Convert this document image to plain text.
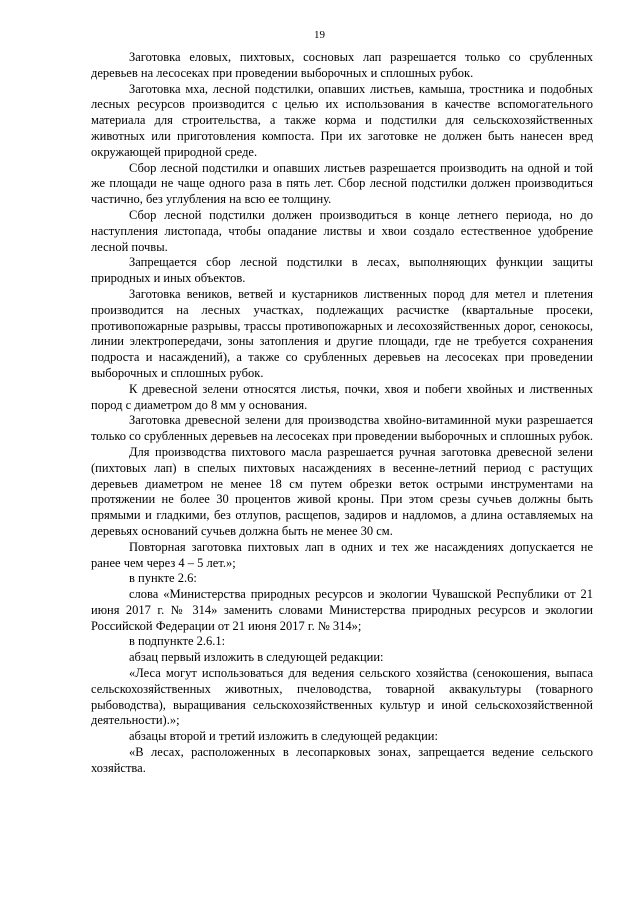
19

Заготовка еловых, пихтовых, сосновых лап разрешается только со срубленных деревьев на лесосеках при проведении выборочных и сплошных рубок.

Заготовка мха, лесной подстилки, опавших листьев, камыша, тростника и подобных лесных ресурсов производится с целью их использования в качестве вспомогательного материала для строительства, а также корма и подстилки для сельскохозяйственных животных или приготовления компоста. При их заготовке не должен быть нанесен вред окружающей природной среде.

Сбор лесной подстилки и опавших листьев разрешается производить на одной и той же площади не чаще одного раза в пять лет. Сбор лесной подстилки должен производиться частично, без углубления на всю ее толщину.

Сбор лесной подстилки должен производиться в конце летнего периода, но до наступления листопада, чтобы опадание листвы и хвои создало естественное удобрение лесной почвы.

Запрещается сбор лесной подстилки в лесах, выполняющих функции защиты природных и иных объектов.

Заготовка веников, ветвей и кустарников лиственных пород для метел и плетения производится на лесных участках, подлежащих расчистке (квартальные просеки, противопожарные разрывы, трассы противопожарных и лесохозяйственных дорог, сенокосы, линии электропередачи, зоны затопления и другие площади, где не требуется сохранения подроста и насаждений), а также со срубленных деревьев на лесосеках при проведении выборочных и сплошных рубок.

К древесной зелени относятся листья, почки, хвоя и побеги хвойных и лиственных пород с диаметром до 8 мм у основания.

Заготовка древесной зелени для производства хвойно-витаминной муки разрешается только со срубленных деревьев на лесосеках при проведении выборочных и сплошных рубок.

Для производства пихтового масла разрешается ручная заготовка древесной зелени (пихтовых лап) в спелых пихтовых насаждениях в весенне-летний период с растущих деревьев диаметром не менее 18 см путем обрезки веток острыми инструментами на протяжении не более 30 процентов живой кроны. При этом срезы сучьев должны быть прямыми и гладкими, без отлупов, расщепов, задиров и надломов, а длина оставляемых на деревьях оснований сучьев должна быть не менее 30 см.

Повторная заготовка пихтовых лап в одних и тех же насаждениях допускается не ранее чем через 4 – 5 лет.»;

в пункте 2.6:

слова «Министерства природных ресурсов и экологии Чувашской Республики от 21 июня 2017 г. № 314» заменить словами Министерства природных ресурсов и экологии Российской Федерации от 21 июня 2017 г. № 314»;

в подпункте 2.6.1:

абзац первый изложить в следующей редакции:

«Леса могут использоваться для ведения сельского хозяйства (сенокошения, выпаса сельскохозяйственных животных, пчеловодства, товарной аквакультуры (товарного рыбоводства), выращивания сельскохозяйственных культур и иной сельскохозяйственной деятельности).»;

абзацы второй и третий изложить в следующей редакции:

«В лесах, расположенных в лесопарковых зонах, запрещается ведение сельского хозяйства.
